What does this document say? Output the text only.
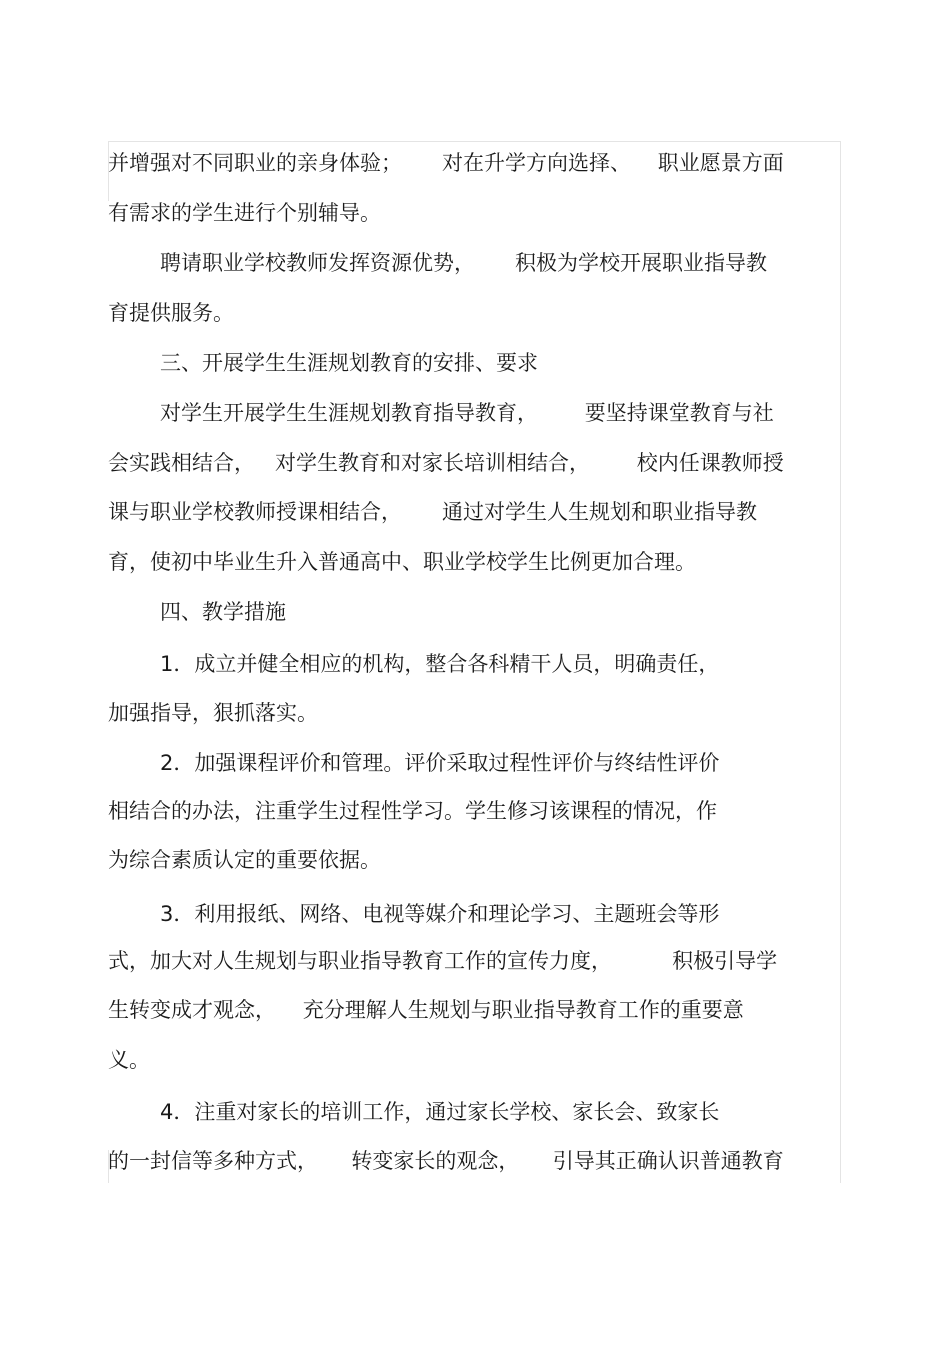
并增强对不同职业的亲身体验；      对在升学方向选择、    职业愿景方面

有需求的学生进行个别辅导。

聘请职业学校教师发挥资源优势，      积极为学校开展职业指导教

育提供服务。

三、开展学生生涯规划教育的安排、要求

对学生开展学生生涯规划教育指导教育，       要坚持课堂教育与社

会实践相结合，   对学生教育和对家长培训相结合，       校内任课教师授

课与职业学校教师授课相结合，      通过对学生人生规划和职业指导教

育，使初中毕业生升入普通高中、职业学校学生比例更加合理。

四、教学措施

1．成立并健全相应的机构，整合各科精干人员，明确责任，

加强指导，狠抓落实。

2．加强课程评价和管理。评价采取过程性评价与终结性评价

相结合的办法，注重学生过程性学习。学生修习该课程的情况，作

为综合素质认定的重要依据。

3．利用报纸、网络、电视等媒介和理论学习、主题班会等形

式，加大对人生规划与职业指导教育工作的宣传力度，         积极引导学

生转变成才观念，    充分理解人生规划与职业指导教育工作的重要意

义。

4．注重对家长的培训工作，通过家长学校、家长会、致家长

的一封信等多种方式，     转变家长的观念，     引导其正确认识普通教育
